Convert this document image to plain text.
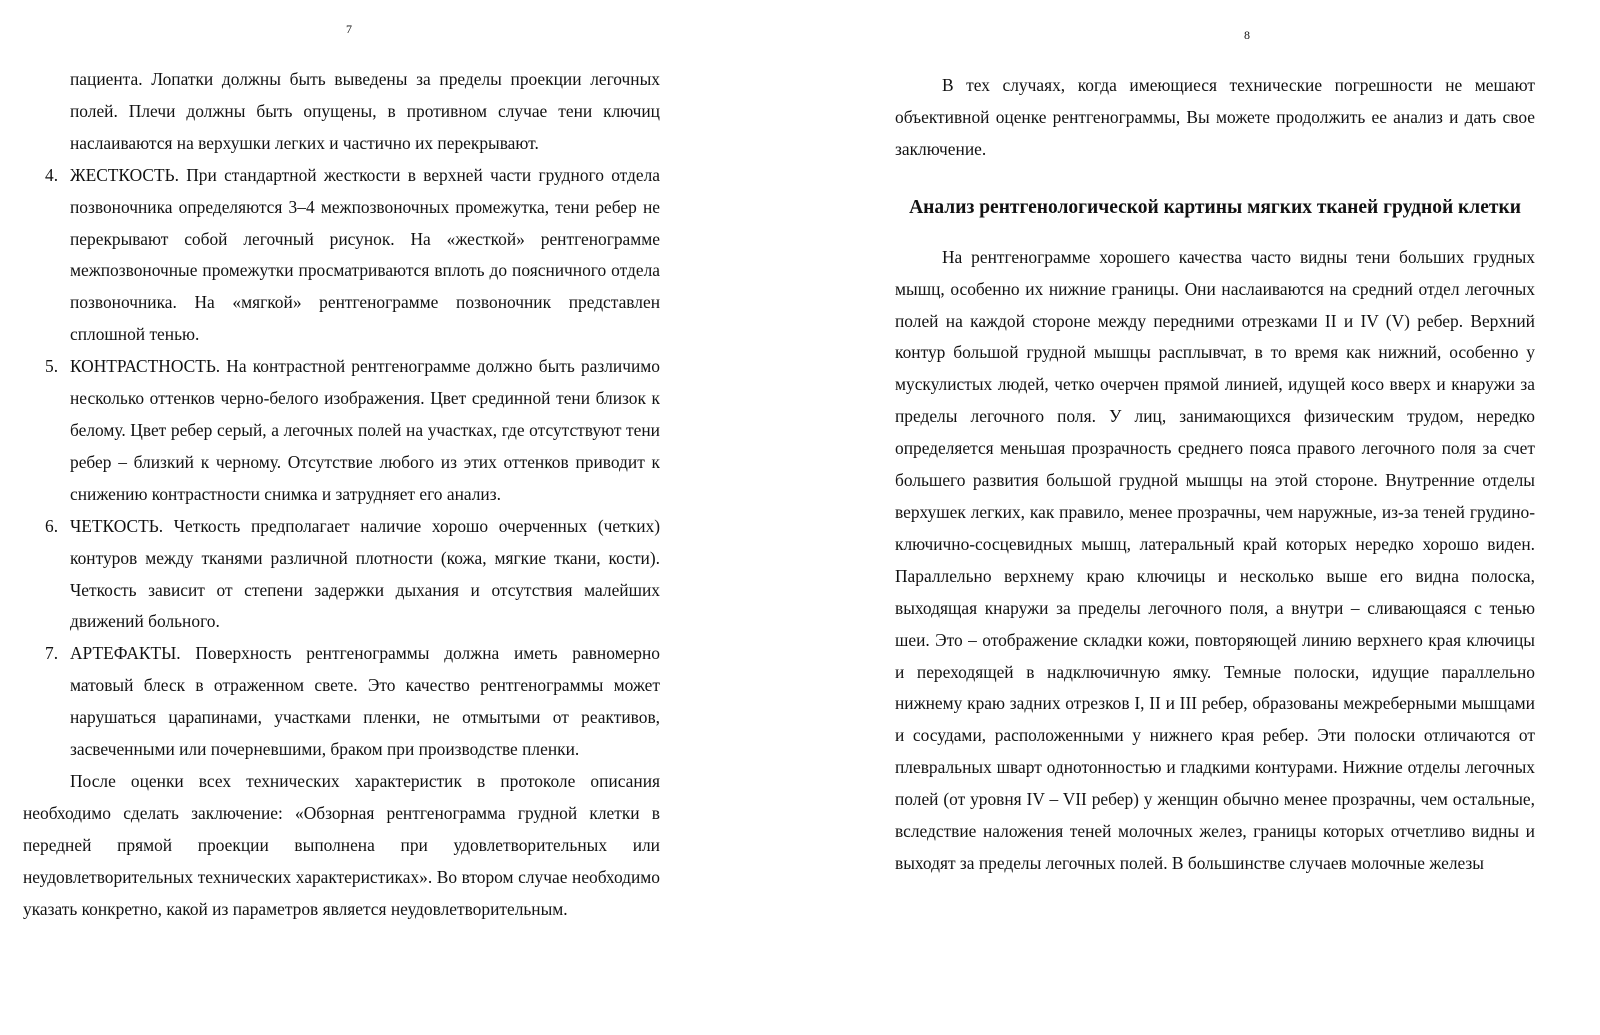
7

пациента. Лопатки должны быть выведены за пределы проекции легочных полей. Плечи должны быть опущены, в противном случае тени ключиц наслаиваются на верхушки легких и частично их перекрывают.

4. ЖЕСТКОСТЬ. При стандартной жесткости в верхней части грудного отдела позвоночника определяются 3–4 межпозвоночных промежутка, тени ребер не перекрывают собой легочный рисунок. На «жесткой» рентгенограмме межпозвоночные промежутки просматриваются вплоть до поясничного отдела позвоночника. На «мягкой» рентгенограмме позвоночник представлен сплошной тенью.
5. КОНТРАСТНОСТЬ. На контрастной рентгенограмме должно быть различимо несколько оттенков черно-белого изображения. Цвет срединной тени близок к белому. Цвет ребер серый, а легочных полей на участках, где отсутствуют тени ребер – близкий к черному. Отсутствие любого из этих оттенков приводит к снижению контрастности снимка и затрудняет его анализ.
6. ЧЕТКОСТЬ. Четкость предполагает наличие хорошо очерченных (четких) контуров между тканями различной плотности (кожа, мягкие ткани, кости). Четкость зависит от степени задержки дыхания и отсутствия малейших движений больного.
7. АРТЕФАКТЫ. Поверхность рентгенограммы должна иметь равномерно матовый блеск в отраженном свете. Это качество рентгенограммы может нарушаться царапинами, участками пленки, не отмытыми от реактивов, засвеченными или почерневшими, браком при производстве пленки.

После оценки всех технических характеристик в протоколе описания необходимо сделать заключение: «Обзорная рентгенограмма грудной клетки в передней прямой проекции выполнена при удовлетворительных или неудовлетворительных технических характеристиках». Во втором случае необходимо указать конкретно, какой из параметров является неудовлетворительным.

8

В тех случаях, когда имеющиеся технические погрешности не мешают объективной оценке рентгенограммы, Вы можете продолжить ее анализ и дать свое заключение.

Анализ рентгенологической картины мягких тканей грудной клетки

На рентгенограмме хорошего качества часто видны тени больших грудных мышц, особенно их нижние границы. Они наслаиваются на средний отдел легочных полей на каждой стороне между передними отрезками II и IV (V) ребер. Верхний контур большой грудной мышцы расплывчат, в то время как нижний, особенно у мускулистых людей, четко очерчен прямой линией, идущей косо вверх и кнаружи за пределы легочного поля. У лиц, занимающихся физическим трудом, нередко определяется меньшая прозрачность среднего пояса правого легочного поля за счет большего развития большой грудной мышцы на этой стороне. Внутренние отделы верхушек легких, как правило, менее прозрачны, чем наружные, из-за теней грудино-ключично-сосцевидных мышц, латеральный край которых нередко хорошо виден. Параллельно верхнему краю ключицы и несколько выше его видна полоска, выходящая кнаружи за пределы легочного поля, а внутри – сливающаяся с тенью шеи. Это – отображение складки кожи, повторяющей линию верхнего края ключицы и переходящей в надключичную ямку. Темные полоски, идущие параллельно нижнему краю задних отрезков I, II и III ребер, образованы межреберными мышцами и сосудами, расположенными у нижнего края ребер. Эти полоски отличаются от плевральных шварт однотонностью и гладкими контурами. Нижние отделы легочных полей (от уровня IV – VII ребер) у женщин обычно менее прозрачны, чем остальные, вследствие наложения теней молочных желез, границы которых отчетливо видны и выходят за пределы легочных полей. В большинстве случаев молочные железы
